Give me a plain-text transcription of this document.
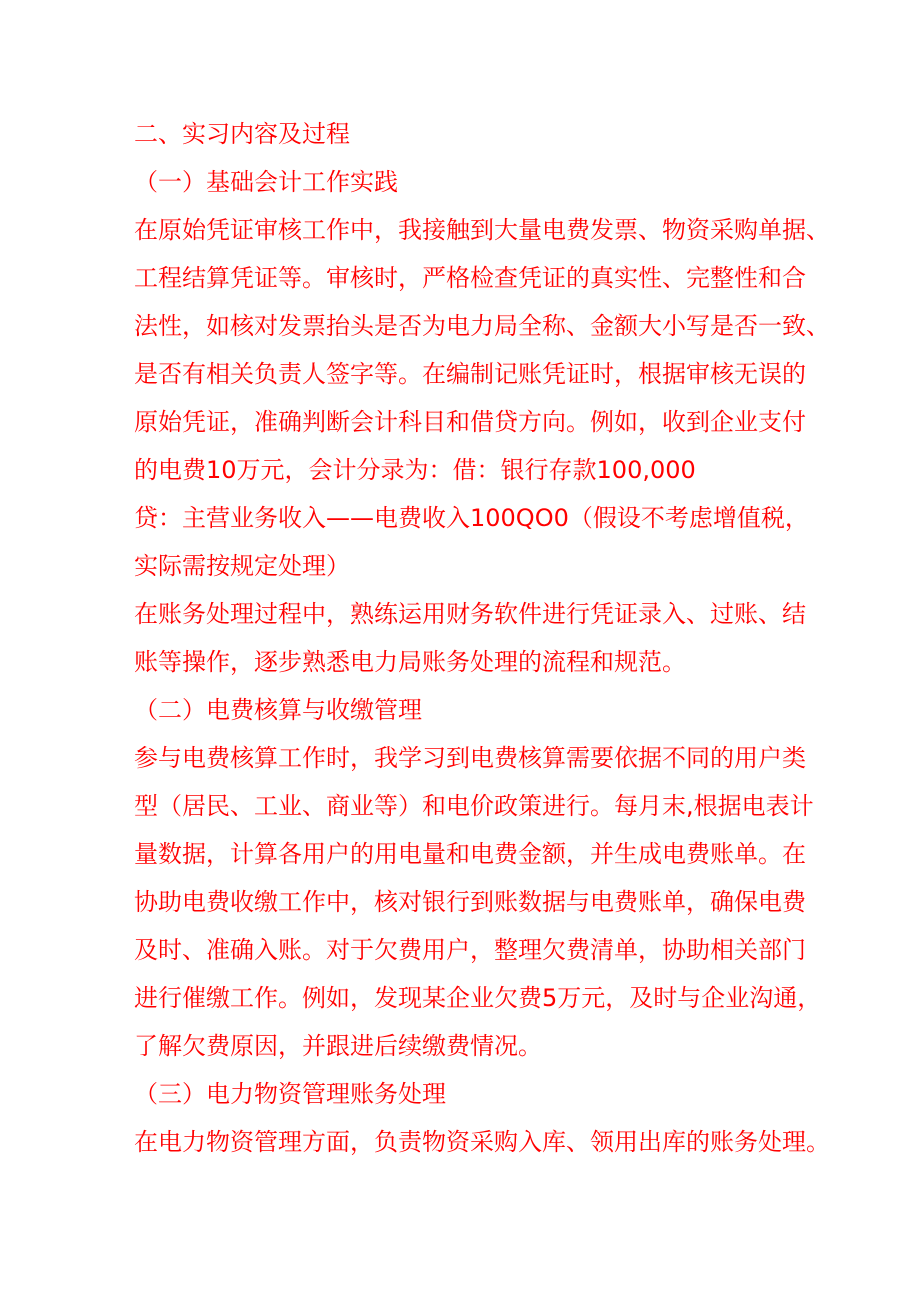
二、实习内容及过程
（一）基础会计工作实践
在原始凭证审核工作中，我接触到大量电费发票、物资采购单据、
工程结算凭证等。审核时，严格检查凭证的真实性、完整性和合
法性，如核对发票抬头是否为电力局全称、金额大小写是否一致、
是否有相关负责人签字等。在编制记账凭证时，根据审核无误的
原始凭证，准确判断会计科目和借贷方向。例如，收到企业支付
的电费10万元，会计分录为：借：银行存款100,000
贷：主营业务收入——电费收入100QO0（假设不考虑增值税，
实际需按规定处理）
在账务处理过程中，熟练运用财务软件进行凭证录入、过账、结
账等操作，逐步熟悉电力局账务处理的流程和规范。
（二）电费核算与收缴管理
参与电费核算工作时，我学习到电费核算需要依据不同的用户类
型（居民、工业、商业等）和电价政策进行。每月末,根据电表计
量数据，计算各用户的用电量和电费金额，并生成电费账单。在
协助电费收缴工作中，核对银行到账数据与电费账单，确保电费
及时、准确入账。对于欠费用户，整理欠费清单，协助相关部门
进行催缴工作。例如，发现某企业欠费5万元，及时与企业沟通，
了解欠费原因，并跟进后续缴费情况。
（三）电力物资管理账务处理
在电力物资管理方面，负责物资采购入库、领用出库的账务处理。
